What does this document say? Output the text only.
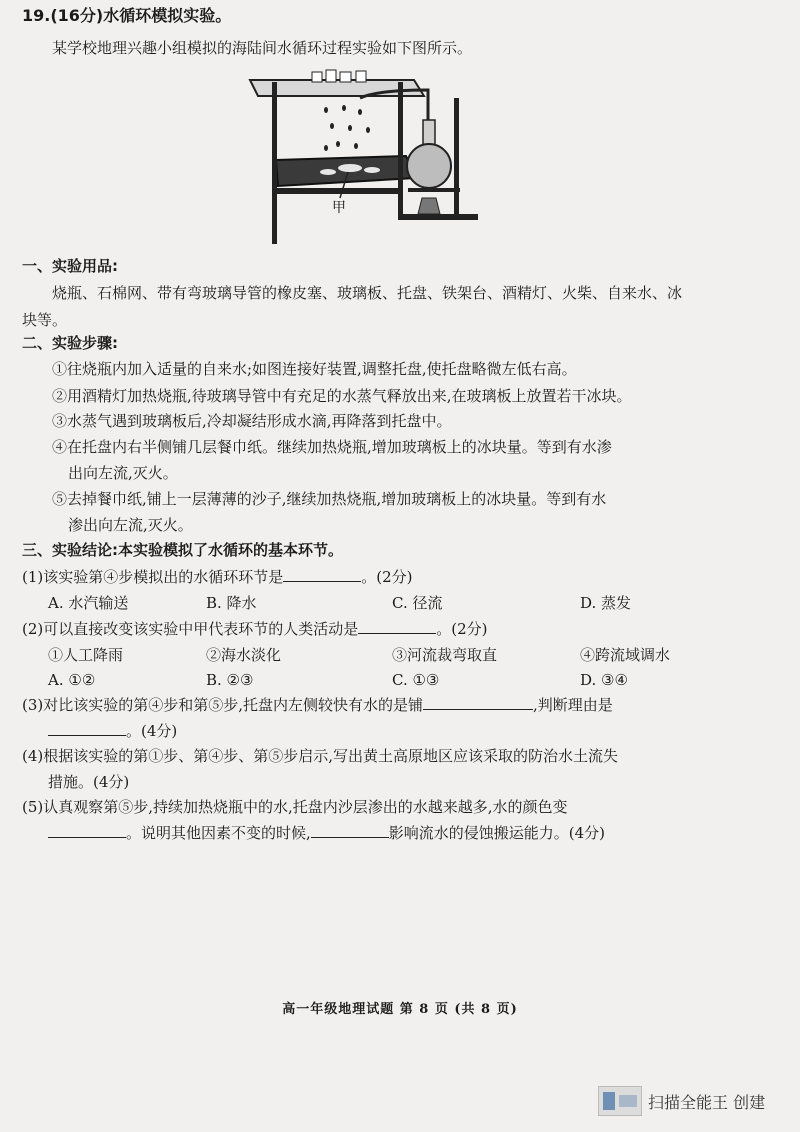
19.(16分)水循环模拟实验。
某学校地理兴趣小组模拟的海陆间水循环过程实验如下图所示。
甲
一、实验用品:
烧瓶、石棉网、带有弯玻璃导管的橡皮塞、玻璃板、托盘、铁架台、酒精灯、火柴、自来水、冰
块等。
二、实验步骤:
①往烧瓶内加入适量的自来水;如图连接好装置,调整托盘,使托盘略微左低右高。
②用酒精灯加热烧瓶,待玻璃导管中有充足的水蒸气释放出来,在玻璃板上放置若干冰块。
③水蒸气遇到玻璃板后,冷却凝结形成水滴,再降落到托盘中。
④在托盘内右半侧铺几层餐巾纸。继续加热烧瓶,增加玻璃板上的冰块量。等到有水渗
出向左流,灭火。
⑤去掉餐巾纸,铺上一层薄薄的沙子,继续加热烧瓶,增加玻璃板上的冰块量。等到有水
渗出向左流,灭火。
三、实验结论:本实验模拟了水循环的基本环节。
(1)该实验第④步模拟出的水循环环节是	。(2分)
A. 水汽输送	B. 降水	C. 径流	D. 蒸发
(2)可以直接改变该实验中甲代表环节的人类活动是	。(2分)
①人工降雨	②海水淡化	③河流裁弯取直	④跨流域调水
A. ①②	B. ②③	C. ①③	D. ③④
(3)对比该实验的第④步和第⑤步,托盘内左侧较快有水的是铺	,判断理由是
。(4分)
(4)根据该实验的第①步、第④步、第⑤步启示,写出黄土高原地区应该采取的防治水土流失
措施。(4分)
(5)认真观察第⑤步,持续加热烧瓶中的水,托盘内沙层渗出的水越来越多,水的颜色变
。说明其他因素不变的时候,	影响流水的侵蚀搬运能力。(4分)
高一年级地理试题 第 8 页 (共 8 页)
扫描全能王 创建
